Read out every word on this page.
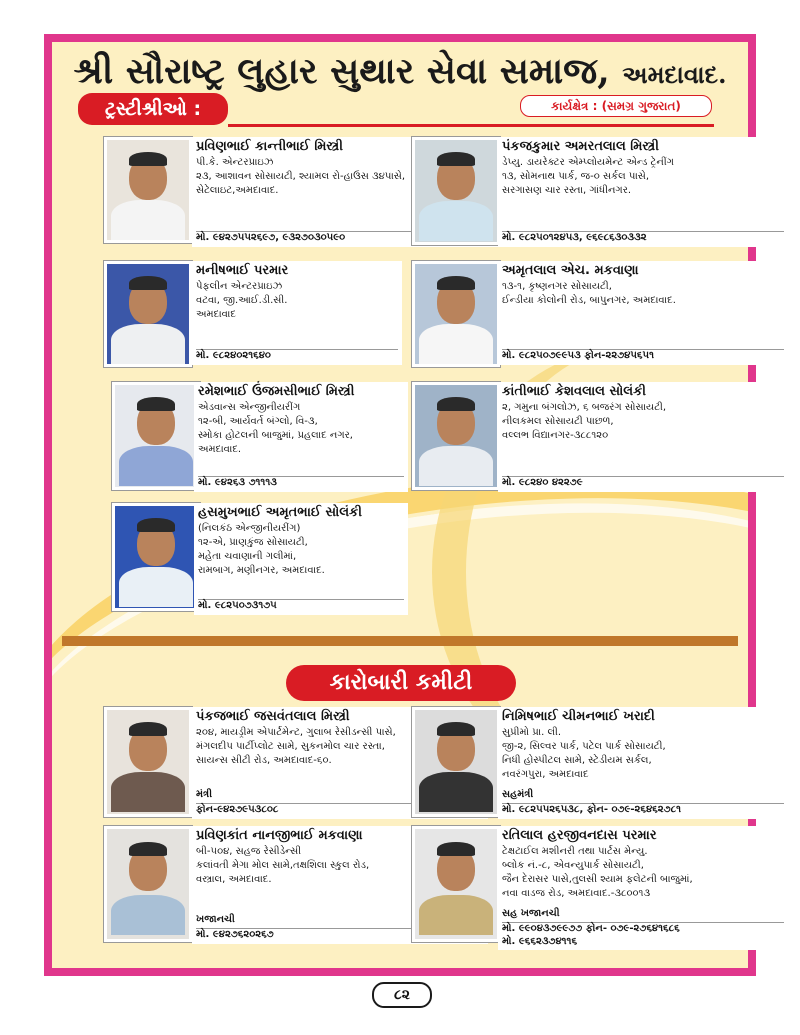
શ્રી સૌરાષ્ટ્ર લુહાર સુથાર સેવા સમાજ, અમદાવાદ.
ટ્રસ્ટીશ્રીઓ :	કાર્યક્ષેત્ર : (સમગ્ર ગુજરાત)
કારોબારી કમીટી
પ્રવિણભાઈ કાન્તીભાઈ મિસ્ત્રી
પી.કે. એન્ટરપ્રાઇઝ
૨૩, આશાવન સોસાયટી, શ્યામલ રો-હાઉસ ૩૪પાસે,
સેટેલાઇટ,અમદાવાદ.
મો. ૯૪૨૭૫૫૨૬૯૭, ૯૩૨૭૦૩૦૫૯૦
પંકજકુમાર અમરતલાલ મિસ્ત્રી
ડેપ્યુ. ડાયરેક્ટર એમ્પ્લોયમેન્ટ એન્ડ ટ્રેનીંગ
૧૩, સોમનાથ પાર્ક, જ-૦ સર્કલ પાસે,
સરગાસણ ચાર રસ્તા, ગાંધીનગર.
મો. ૯૮૨૫૦૧૨૪૫૩, ૯૬૯૮૬૩૦૩૩૨
મનીષભાઈ પરમાર
પેફલીન એન્ટરપ્રાઇઝ
વટવા, જી.આઈ.ડી.સી.
અમદાવાદ
મો. ૯૮૨૪૦૨૧૬૪૦
અમૃતલાલ એચ. મકવાણા
૧૩-૧, કૃષ્ણનગર સોસાયટી,
ઈન્ડીયા કોલોની રોડ, બાપુનગર, અમદાવાદ.
મો. ૯૮૨૫૦૭૯૯૫૩ ફોન-૨૨૭૪૫૬૫૧
રમેશભાઈ ઉંજમસીભાઈ મિસ્ત્રી
એડવાન્સ એન્જીનીયરીંગ
૧૨-બી, આર્યવર્ત બંગ્લો, વિ-૩,
સ્મોકા હોટલની બાજુમાં, પ્રહલાદ નગર,
અમદાવાદ.
મો. ૯૪૨૬૩ ૭૧૧૧૩
કાંતીભાઈ કેશવલાલ સોલંકી
૨, ગમુના બંગલોઝ, ૬ બજરંગ સોસાયટી,
નીલકમલ સોસાયટી પાછળ,
વલ્લભ વિદ્યાનગર-૩૮૮૧૨૦
મો. ૯૮૨૪૦ ૪૨૨૭૯
હસમુખભાઈ અમૃતભાઈ સોલંકી
(નિલકંઠ એન્જીનીયરીંગ)
૧૨-એ, પ્રાણકુંજ સોસાયટી,
મહેતા ચવાણાની ગલીમાં,
રામબાગ, મણીનગર, અમદાવાદ.
મો. ૯૮૨૫૦૭૩૧૭૫
પંકજભાઈ જસવંતલાલ મિસ્ત્રી
૨૦૪, માયડ્રીમ એપાર્ટમેન્ટ, ગુલાબ રેસીડન્સી પાસે,
મંગલદીપ પાર્ટીપ્લોટ સામે, સુકનમોલ ચાર રસ્તા,
સાયન્સ સીટી રોડ, અમદાવાદ-૬૦.
મંત્રી
ફોન-૯૪૨૭૯૫૩૮૦૮
નિમિષભાઈ ચીમનભાઈ ખરાદી
સુપ્રીમો પ્રા. લી.
જી-૨, સિલ્વર પાર્ક, પટેલ પાર્ક સોસાયટી,
નિધી હોસ્પીટલ સામે, સ્ટેડીયમ સર્કલ,
નવરંગપુરા, અમદાવાદ
સહમંત્રી
મો. ૯૮૨૫૫૨૬૫૩૮, ફોન- ૦૭૯-૨૬૪૬૨૭૮૧
પ્રવિણકાંત નાનજીભાઈ મકવાણા
બી-૫૦૪, સહજ રેસીડેન્સી
કલાંવતી મેગા મોલ સામે,તક્ષશિલા સ્કુલ રોડ,
વસ્ત્રાલ, અમદાવાદ.
ખજાનચી
મો. ૯૪૨૭૬૨૦૨૬૭
રતિલાલ હરજીવનદાસ પરમાર
ટેક્ષટાઈલ મશીનરી તથા પાર્ટસ મેન્યુ.
બ્લોક નં.-૮, એવન્યુપાર્ક સોસાયટી,
જૈન દેરાસર પાસે,તુલસી શ્યામ ફલેટની બાજુમાં,
નવા વાડજ રોડ, અમદાવાદ.-૩૮૦૦૧૩
સહ ખજાનચી
મો. ૯૯૦૪૩૭૯૯૭૭ ફોન- ૦૭૯-૨૭૬૪૧૬૮૬
મો. ૯૬૬૨૩૭૪૧૧૬
૮૨
